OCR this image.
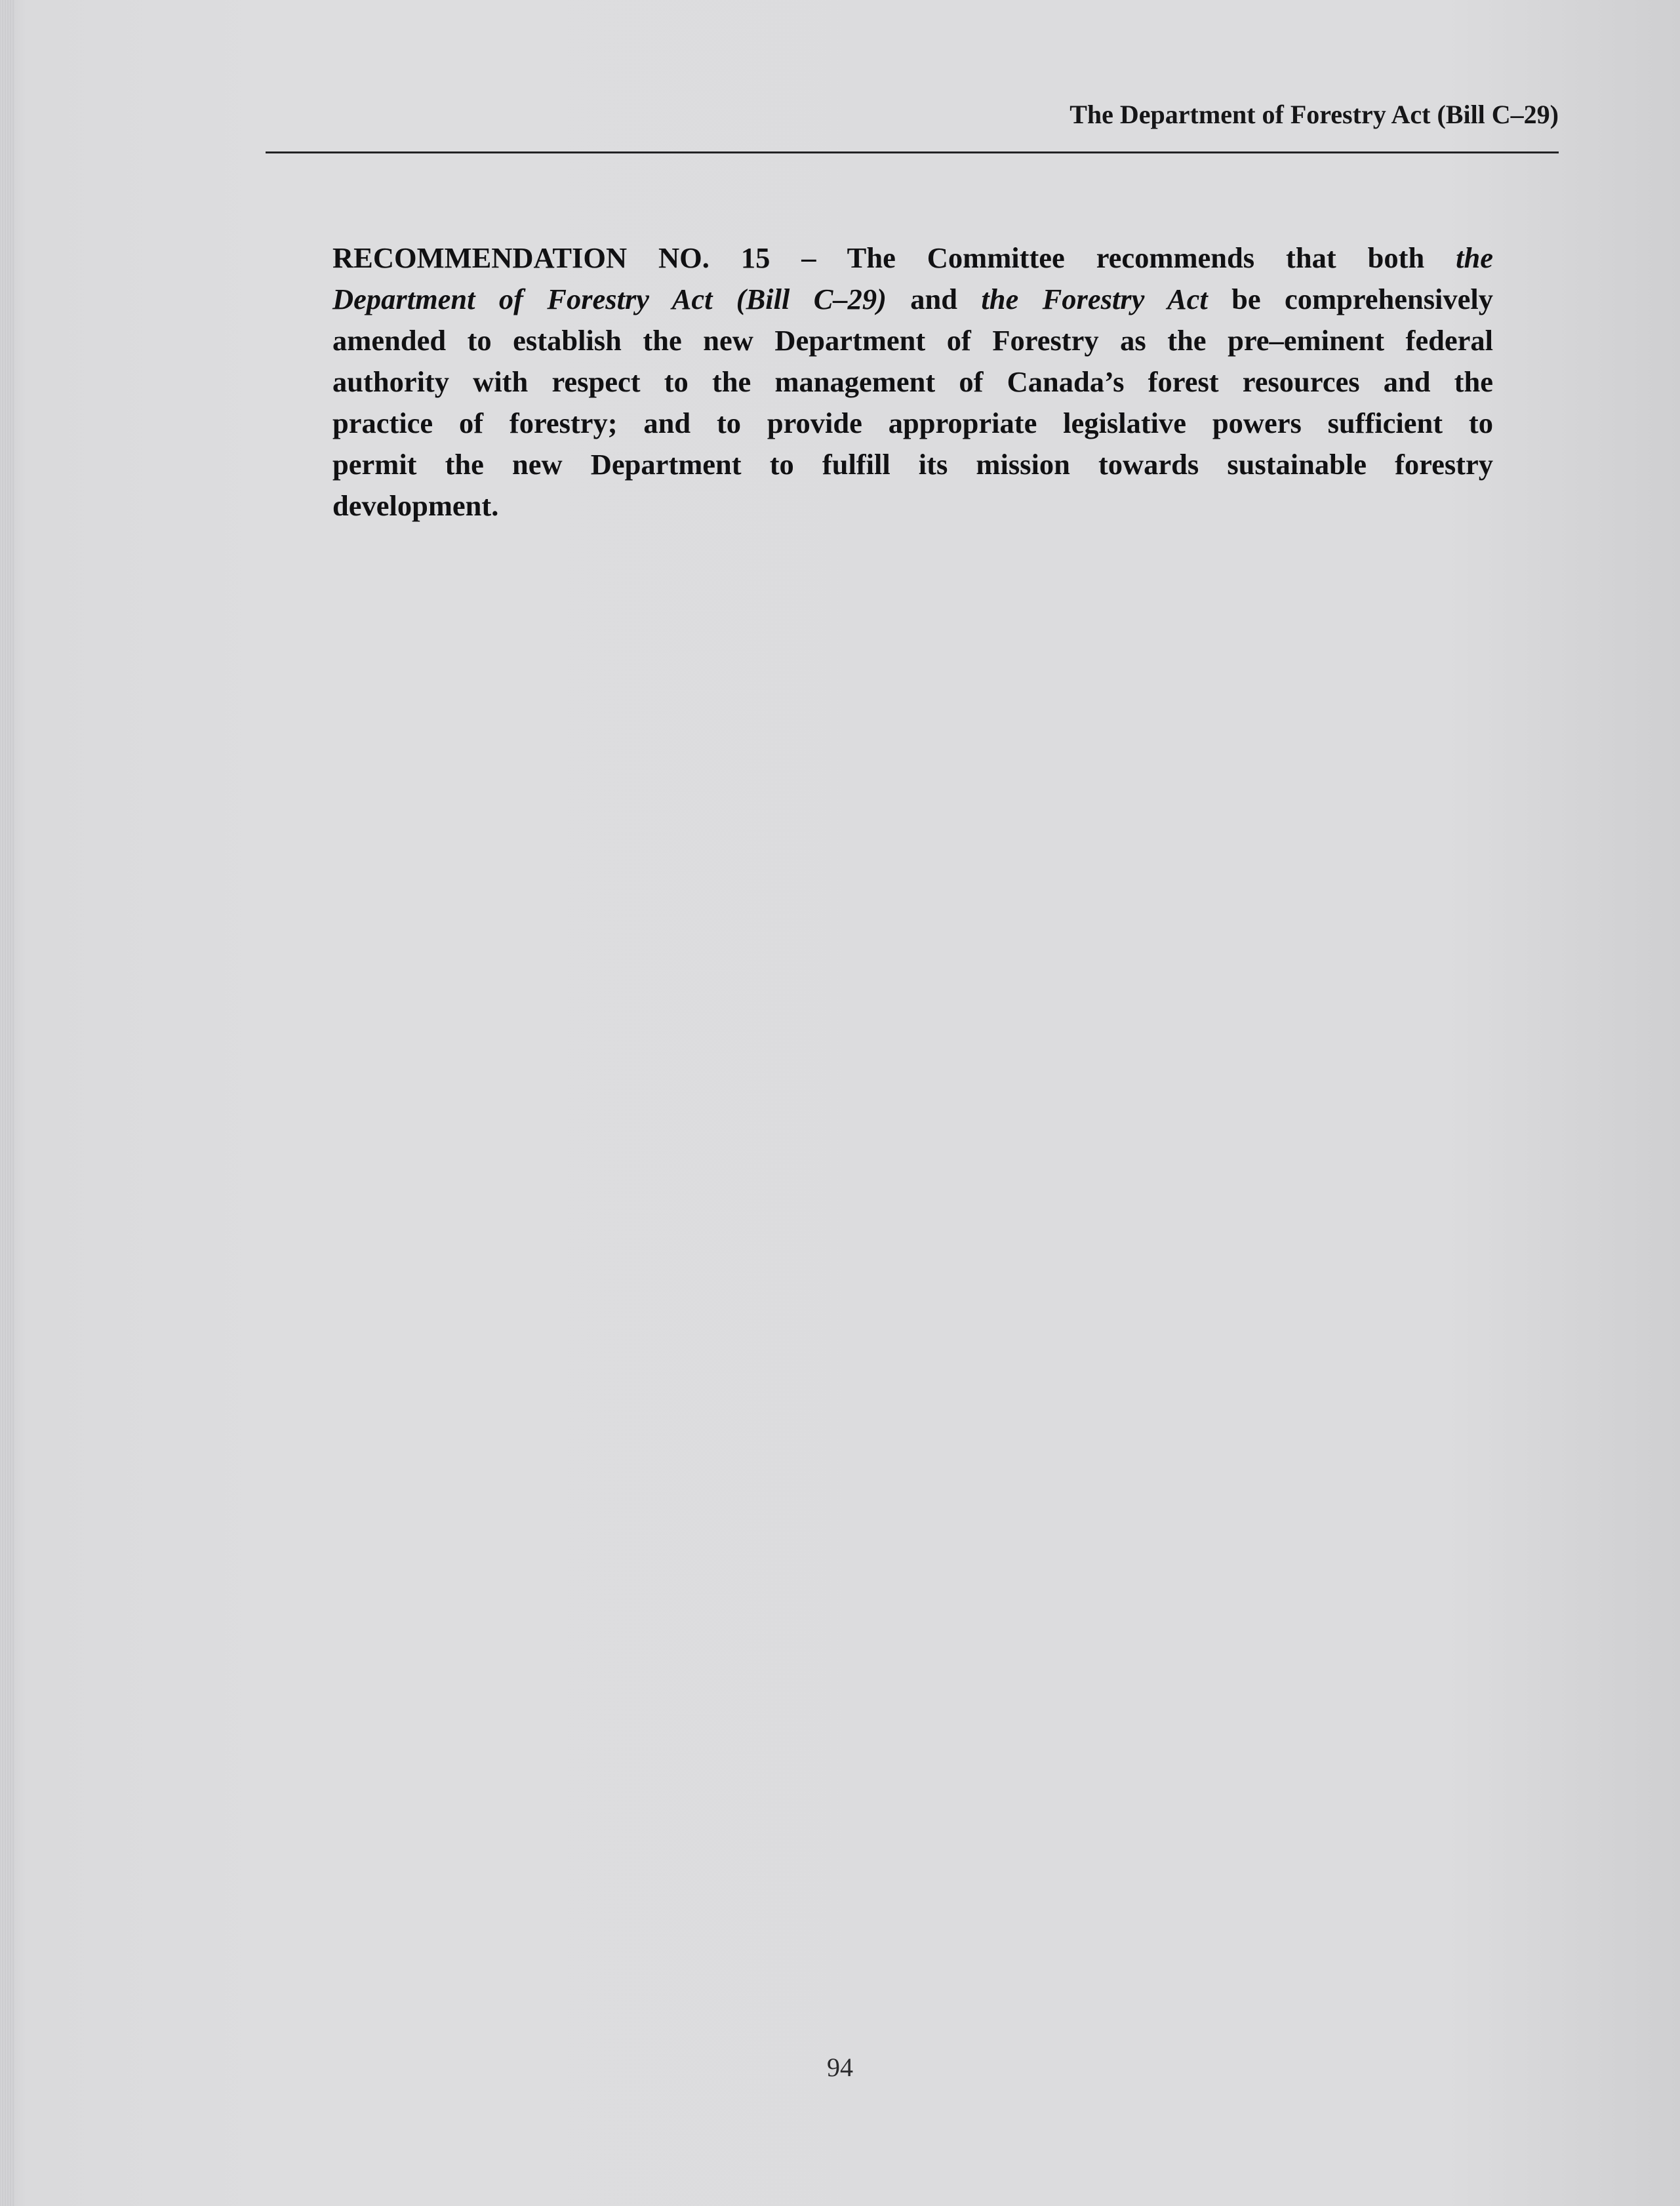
The Department of Forestry Act (Bill C–29)
RECOMMENDATION NO. 15 – The Committee recommends that both the
Department of Forestry Act (Bill C–29) and the Forestry Act be comprehensively
amended to establish the new Department of Forestry as the pre–eminent federal
authority with respect to the management of Canada’s forest resources and the
practice of forestry; and to provide appropriate legislative powers sufficient to
permit the new Department to fulfill its mission towards sustainable forestry
development.
94
